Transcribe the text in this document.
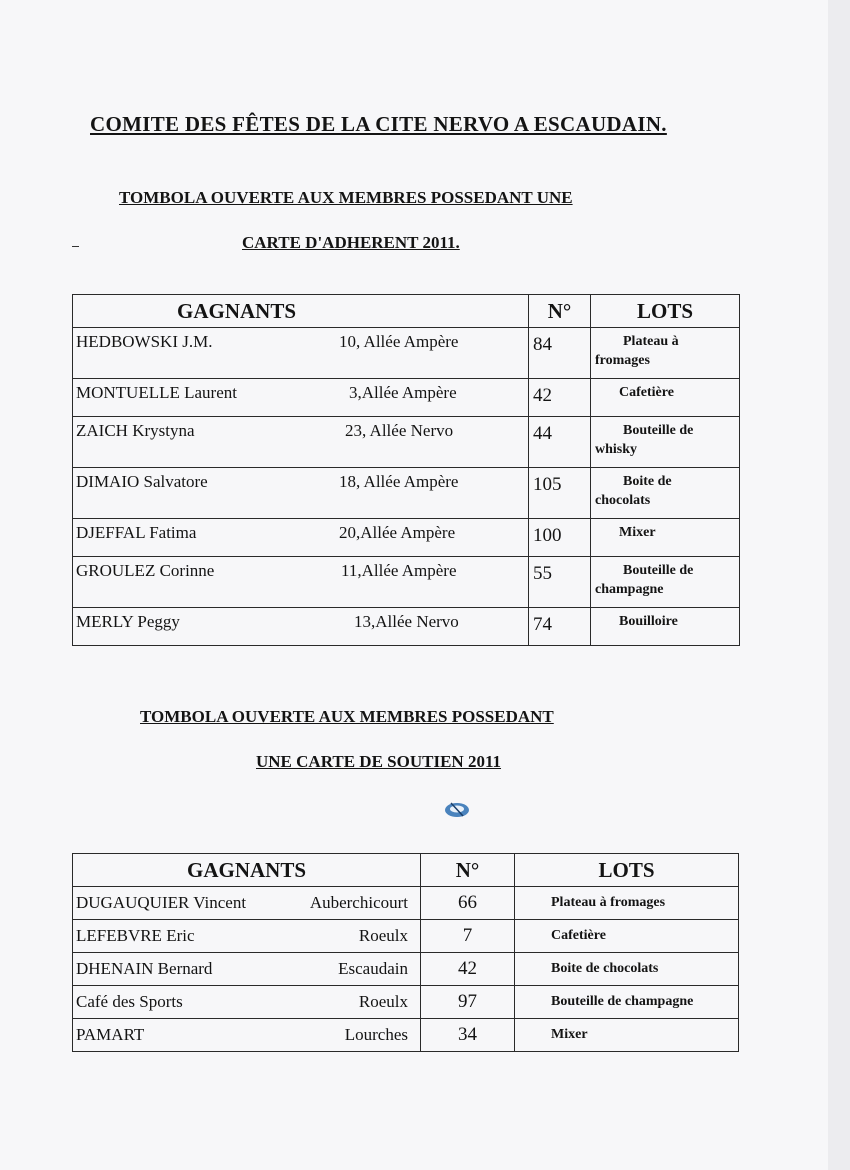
COMITE DES FÊTES DE LA CITE NERVO A ESCAUDAIN.
TOMBOLA OUVERTE AUX MEMBRES POSSEDANT UNE
CARTE D'ADHERENT 2011.
GAGNANTS	N°	LOTS

HEDBOWSKI J.M. 10, Allée Ampère	84	Plateau à
fromages

MONTUELLE Laurent 3,Allée Ampère	42	Cafetière

ZAICH Krystyna 23, Allée Nervo	44	Bouteille de
whisky

DIMAIO Salvatore 18, Allée Ampère	105	Boite de
chocolats

DJEFFAL Fatima 20,Allée Ampère	100	Mixer

GROULEZ Corinne 11,Allée Ampère	55	Bouteille de
champagne

MERLY Peggy 13,Allée Nervo	74	Bouilloire
TOMBOLA OUVERTE AUX MEMBRES POSSEDANT
UNE CARTE DE SOUTIEN 2011
GAGNANTS	N°	LOTS

DUGAUQUIER Vincent Auberchicourt	66	Plateau à fromages

LEFEBVRE Eric Roeulx	7	Cafetière

DHENAIN Bernard Escaudain	42	Boite de chocolats

Café des Sports Roeulx	97	Bouteille de champagne

PAMART Lourches	34	Mixer
